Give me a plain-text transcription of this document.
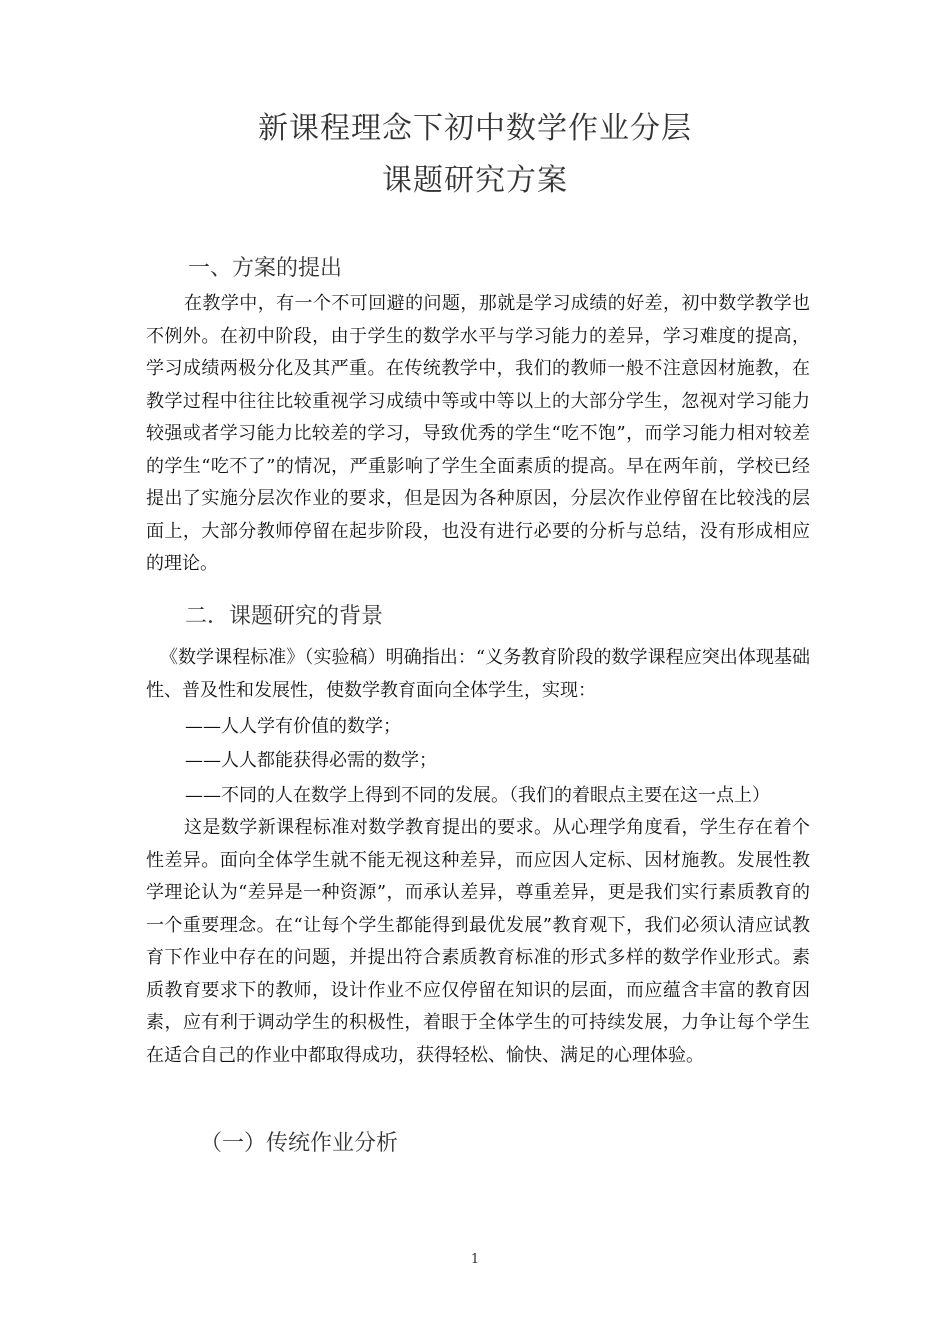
新课程理念下初中数学作业分层
课题研究方案
一、方案的提出
在教学中，有一个不可回避的问题，那就是学习成绩的好差，初中数学教学也不例外。在初中阶段，由于学生的数学水平与学习能力的差异，学习难度的提高，学习成绩两极分化及其严重。在传统教学中，我们的教师一般不注意因材施教，在教学过程中往往比较重视学习成绩中等或中等以上的大部分学生，忽视对学习能力较强或者学习能力比较差的学习，导致优秀的学生“吃不饱”，而学习能力相对较差的学生“吃不了”的情况，严重影响了学生全面素质的提高。早在两年前，学校已经提出了实施分层次作业的要求，但是因为各种原因，分层次作业停留在比较浅的层面上，大部分教师停留在起步阶段，也没有进行必要的分析与总结，没有形成相应的理论。
二．课题研究的背景
《数学课程标准》（实验稿）明确指出：“义务教育阶段的数学课程应突出体现基础性、普及性和发展性，使数学教育面向全体学生，实现：
——人人学有价值的数学；
——人人都能获得必需的数学；
——不同的人在数学上得到不同的发展。（我们的着眼点主要在这一点上）
这是数学新课程标准对数学教育提出的要求。从心理学角度看，学生存在着个性差异。面向全体学生就不能无视这种差异，而应因人定标、因材施教。发展性教学理论认为“差异是一种资源”，而承认差异，尊重差异，更是我们实行素质教育的一个重要理念。在“让每个学生都能得到最优发展”教育观下，我们必须认清应试教育下作业中存在的问题，并提出符合素质教育标准的形式多样的数学作业形式。素质教育要求下的教师，设计作业不应仅停留在知识的层面，而应蕴含丰富的教育因素，应有利于调动学生的积极性，着眼于全体学生的可持续发展，力争让每个学生在适合自己的作业中都取得成功，获得轻松、愉快、满足的心理体验。
（一）传统作业分析
1
